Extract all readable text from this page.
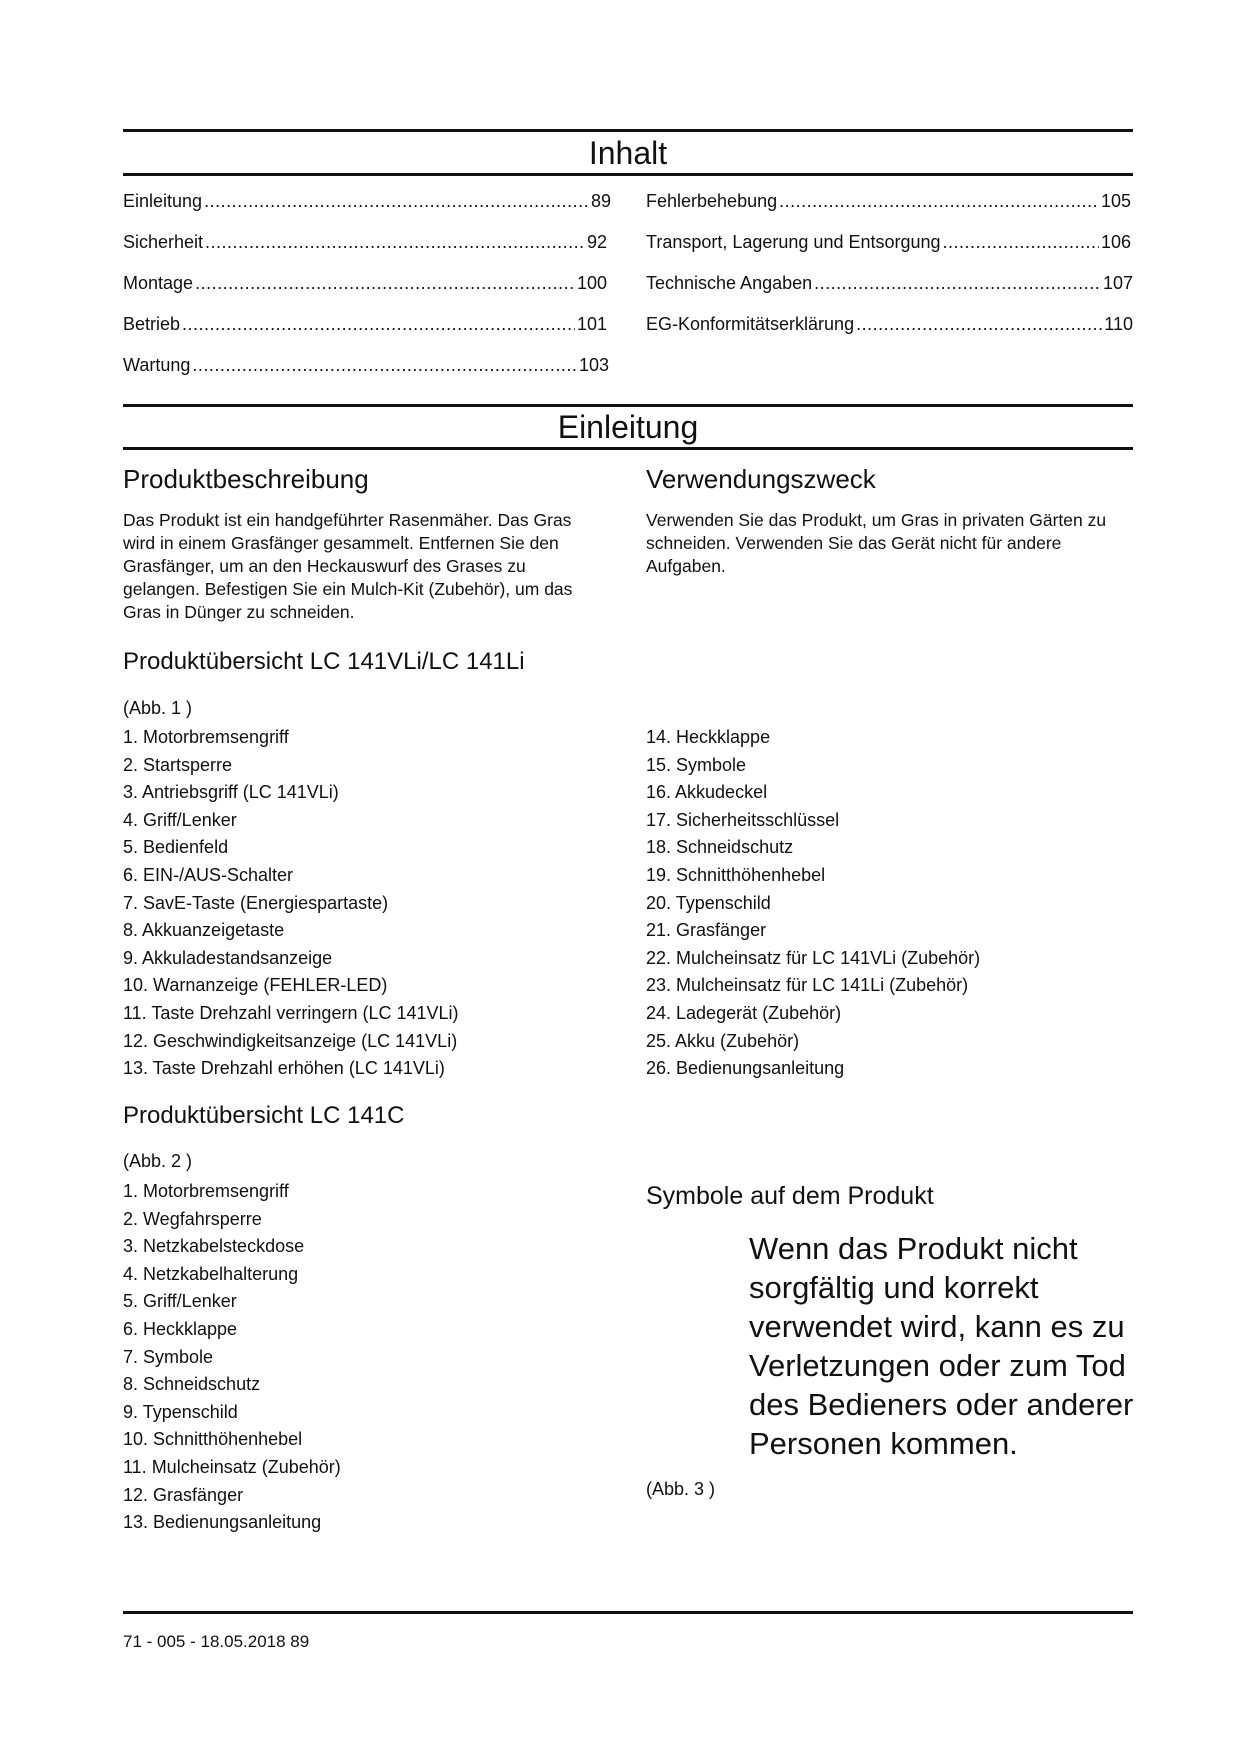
Inhalt
Einleitung .....	89
Sicherheit .....	92
Montage .....	100
Betrieb .....	101
Wartung .....	103
Fehlerbehebung .....	105
Transport, Lagerung und Entsorgung .....	106
Technische Angaben .....	107
EG-Konformitätserklärung .....	110
Einleitung
Produktbeschreibung
Das Produkt ist ein handgeführter Rasenmäher. Das Gras wird in einem Grasfänger gesammelt. Entfernen Sie den Grasfänger, um an den Heckauswurf des Grases zu gelangen. Befestigen Sie ein Mulch-Kit (Zubehör), um das Gras in Dünger zu schneiden.
Verwendungszweck
Verwenden Sie das Produkt, um Gras in privaten Gärten zu schneiden. Verwenden Sie das Gerät nicht für andere Aufgaben.
Produktübersicht LC 141VLi/LC 141Li
(Abb. 1 )
1. Motorbremsengriff
2. Startsperre
3. Antriebsgriff (LC 141VLi)
4. Griff/Lenker
5. Bedienfeld
6. EIN-/AUS-Schalter
7. SavE-Taste (Energiespartaste)
8. Akkuanzeigetaste
9. Akkuladestandsanzeige
10. Warnanzeige (FEHLER-LED)
11. Taste Drehzahl verringern (LC 141VLi)
12. Geschwindigkeitsanzeige (LC 141VLi)
13. Taste Drehzahl erhöhen (LC 141VLi)
14. Heckklappe
15. Symbole
16. Akkudeckel
17. Sicherheitsschlüssel
18. Schneidschutz
19. Schnitthöhenhebel
20. Typenschild
21. Grasfänger
22. Mulcheinsatz für LC 141VLi (Zubehör)
23. Mulcheinsatz für LC 141Li (Zubehör)
24. Ladegerät (Zubehör)
25. Akku (Zubehör)
26. Bedienungsanleitung
Produktübersicht LC 141C
(Abb. 2 )
1. Motorbremsengriff
2. Wegfahrsperre
3. Netzkabelsteckdose
4. Netzkabelhalterung
5. Griff/Lenker
6. Heckklappe
7. Symbole
8. Schneidschutz
9. Typenschild
10. Schnitthöhenhebel
11. Mulcheinsatz (Zubehör)
12. Grasfänger
13. Bedienungsanleitung
Symbole auf dem Produkt
Wenn das Produkt nicht sorgfältig und korrekt verwendet wird, kann es zu Verletzungen oder zum Tod des Bedieners oder anderer Personen kommen.
(Abb. 3 )
71 - 005 - 18.05.2018 89
